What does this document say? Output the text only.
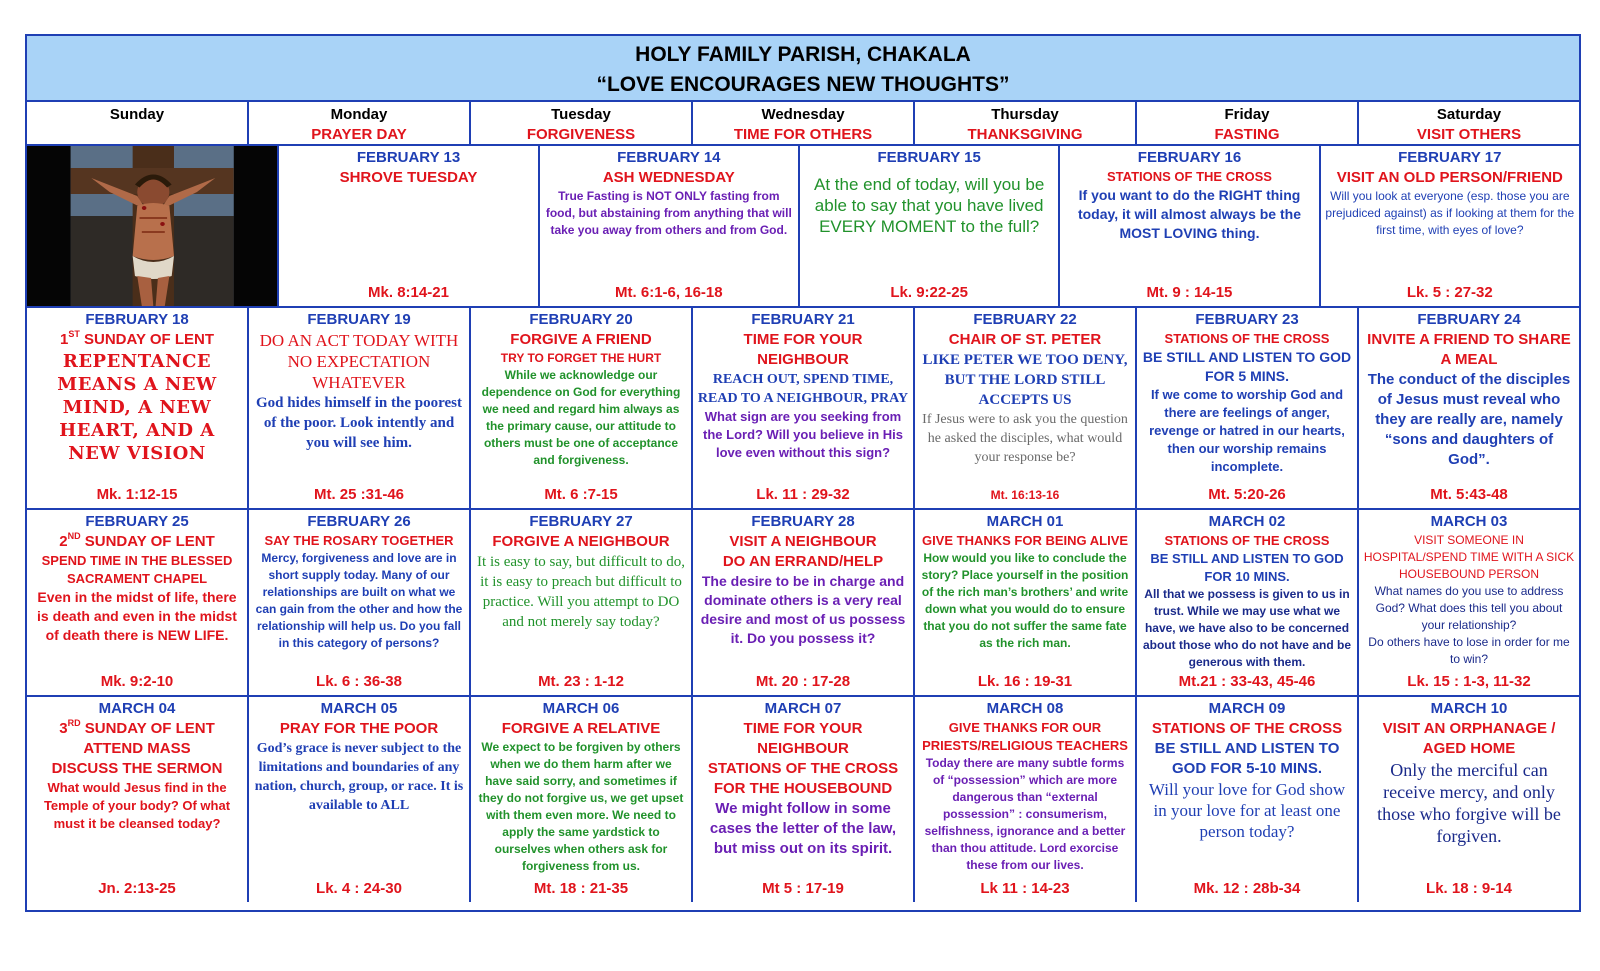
HOLY FAMILY PARISH, CHAKALA
“LOVE ENCOURAGES NEW THOUGHTS”
Sunday	Monday
PRAYER DAY
Tuesday
FORGIVENESS
Wednesday
TIME FOR OTHERS
Thursday
THANKSGIVING
Friday
FASTING
Saturday
VISIT OTHERS
FEBRUARY 13
SHROVE TUESDAY
Mk. 8:14-21
FEBRUARY 14
ASH WEDNESDAY
True Fasting is NOT ONLY fasting from food, but abstaining from anything that will take you away from others and from God.
Mt. 6:1-6, 16-18
FEBRUARY 15
At the end of today, will you be able to say that you have lived EVERY MOMENT to the full?
Lk. 9:22-25
FEBRUARY 16
STATIONS OF THE CROSS
If you want to do the RIGHT thing today, it will almost always be the MOST LOVING thing.
Mt. 9 : 14-15
FEBRUARY 17
VISIT AN OLD PERSON/FRIEND
Will you look at everyone (esp. those you are prejudiced against) as if looking at them for the first time, with eyes of love?
Lk. 5 : 27-32
FEBRUARY 18
1ST SUNDAY OF LENT
REPENTANCE MEANS A NEW MIND, A NEW HEART, AND A NEW VISION
Mk. 1:12-15
FEBRUARY 19
DO AN ACT TODAY WITH NO EXPECTATION WHATEVER
God hides himself in the poorest of the poor. Look intently and you will see him.
Mt. 25 :31-46
FEBRUARY 20
FORGIVE A FRIEND
TRY TO FORGET THE HURT
While we acknowledge our dependence on God for everything we need and regard him always as the primary cause, our attitude to others must be one of acceptance and forgiveness.
Mt. 6 :7-15
FEBRUARY 21
TIME FOR YOUR NEIGHBOUR
REACH OUT, SPEND TIME, READ TO A NEIGHBOUR, PRAY
What sign are you seeking from the Lord? Will you believe in His love even without this sign?
Lk. 11 : 29-32
FEBRUARY 22
CHAIR OF ST. PETER
LIKE PETER WE TOO DENY, BUT THE LORD STILL ACCEPTS US
If Jesus were to ask you the question he asked the disciples, what would your response be?
Mt. 16:13-16
FEBRUARY 23
STATIONS OF THE CROSS
BE STILL AND LISTEN TO GOD FOR 5 MINS.
If we come to worship God and there are feelings of anger, revenge or hatred in our hearts, then our worship remains incomplete.
Mt. 5:20-26
FEBRUARY 24
INVITE A FRIEND TO SHARE A MEAL
The conduct of the disciples of Jesus must reveal who they are really are, namely “sons and daughters of God”.
Mt. 5:43-48
FEBRUARY 25
2ND SUNDAY OF LENT
SPEND TIME IN THE BLESSED SACRAMENT CHAPEL
Even in the midst of life, there is death and even in the midst of death there is NEW LIFE.
Mk. 9:2-10
FEBRUARY 26
SAY THE ROSARY TOGETHER
Mercy, forgiveness and love are in short supply today. Many of our relationships are built on what we can gain from the other and how the relationship will help us. Do you fall in this category of persons?
Lk. 6 : 36-38
FEBRUARY 27
FORGIVE A NEIGHBOUR
It is easy to say, but difficult to do, it is easy to preach but difficult to practice. Will you attempt to DO and not merely say today?
Mt. 23 : 1-12
FEBRUARY 28
VISIT A NEIGHBOUR
DO AN ERRAND/HELP
The desire to be in charge and dominate others is a very real desire and most of us possess it. Do you possess it?
Mt. 20 : 17-28
MARCH 01
GIVE THANKS FOR BEING ALIVE
How would you like to conclude the story? Place yourself in the position of the rich man’s brothers’ and write down what you would do to ensure that you do not suffer the same fate as the rich man.
Lk. 16 : 19-31
MARCH 02
STATIONS OF THE CROSS
BE STILL AND LISTEN TO GOD FOR 10 MINS.
All that we possess is given to us in trust. While we may use what we have, we have also to be concerned about those who do not have and be generous with them.
Mt.21 : 33-43, 45-46
MARCH 03
VISIT SOMEONE IN HOSPITAL/SPEND TIME WITH A SICK HOUSEBOUND PERSON
What names do you use to address God? What does this tell you about your relationship?
Do others have to lose in order for me to win?
Lk. 15 : 1-3, 11-32
MARCH 04
3RD SUNDAY OF LENT
ATTEND MASS
DISCUSS THE SERMON
What would Jesus find in the Temple of your body? Of what must it be cleansed today?
Jn. 2:13-25
MARCH 05
PRAY FOR THE POOR
God’s grace is never subject to the limitations and boundaries of any nation, church, group, or race. It is available to ALL
Lk. 4 : 24-30
MARCH 06
FORGIVE A RELATIVE
We expect to be forgiven by others when we do them harm after we have said sorry, and sometimes if they do not forgive us, we get upset with them even more. We need to apply the same yardstick to ourselves when others ask for forgiveness from us.
Mt. 18 : 21-35
MARCH 07
TIME FOR YOUR NEIGHBOUR
STATIONS OF THE CROSS FOR THE HOUSEBOUND
We might follow in some cases the letter of the law, but miss out on its spirit.
Mt 5 : 17-19
MARCH 08
GIVE THANKS FOR OUR PRIESTS/RELIGIOUS TEACHERS
Today there are many subtle forms of “possession” which are more dangerous than “external possession” : consumerism, selfishness, ignorance and a better than thou attitude. Lord exorcise these from our lives.
Lk 11 : 14-23
MARCH 09
STATIONS OF THE CROSS
BE STILL AND LISTEN TO GOD FOR 5-10 MINS.
Will your love for God show in your love for at least one person today?
Mk. 12 : 28b-34
MARCH 10
VISIT AN ORPHANAGE / AGED HOME
Only the merciful can receive mercy, and only those who forgive will be forgiven.
Lk. 18 : 9-14
